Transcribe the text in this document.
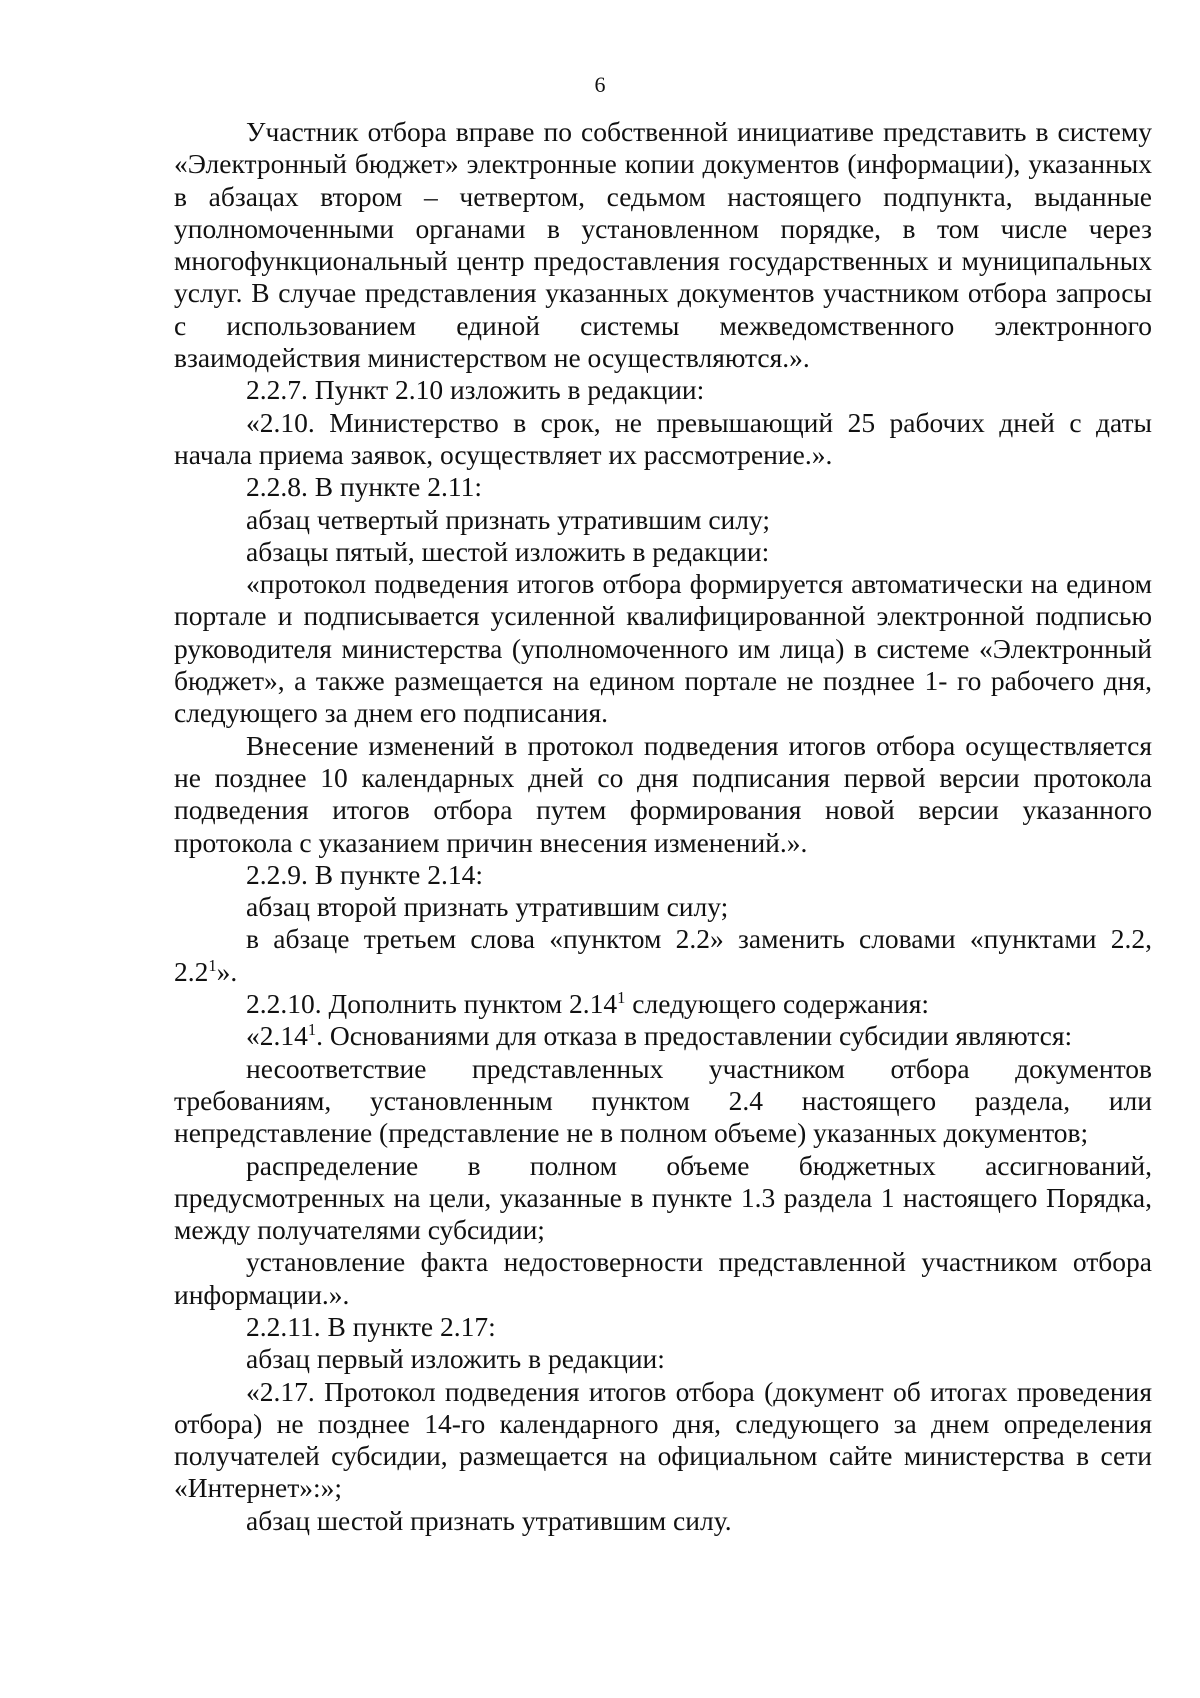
6

Участник отбора вправе по собственной инициативе представить в систему «Электронный бюджет» электронные копии документов (информации), указанных в абзацах втором – четвертом, седьмом настоящего подпункта, выданные уполномоченными органами в установленном порядке, в том числе через многофункциональный центр предоставления государственных и муниципальных услуг. В случае представления указанных документов участником отбора запросы с использованием единой системы межведомственного электронного взаимодействия министерством не осуществляются.».

2.2.7. Пункт 2.10 изложить в редакции:

«2.10. Министерство в срок, не превышающий 25 рабочих дней с даты начала приема заявок, осуществляет их рассмотрение.».

2.2.8. В пункте 2.11:

абзац четвертый признать утратившим силу;

абзацы пятый, шестой изложить в редакции:

«протокол подведения итогов отбора формируется автоматически на едином портале и подписывается усиленной квалифицированной электронной подписью руководителя министерства (уполномоченного им лица) в системе «Электронный бюджет», а также размещается на едином портале не позднее 1- го рабочего дня, следующего за днем его подписания.

Внесение изменений в протокол подведения итогов отбора осуществляется не позднее 10 календарных дней со дня подписания первой версии протокола подведения итогов отбора путем формирования новой версии указанного протокола с указанием причин внесения изменений.».

2.2.9. В пункте 2.14:

абзац второй признать утратившим силу;

в абзаце третьем слова «пунктом 2.2» заменить словами «пунктами 2.2, $2.2^1$».

2.2.10. Дополнить пунктом 2.14$^1$ следующего содержания:

«2.14$^1$. Основаниями для отказа в предоставлении субсидии являются:

несоответствие представленных участником отбора документов требованиям, установленным пунктом 2.4 настоящего раздела, или непредставление (представление не в полном объеме) указанных документов;

распределение в полном объеме бюджетных ассигнований, предусмотренных на цели, указанные в пункте 1.3 раздела 1 настоящего Порядка, между получателями субсидии;

установление факта недостоверности представленной участником отбора информации.».

2.2.11. В пункте 2.17:

абзац первый изложить в редакции:

«2.17. Протокол подведения итогов отбора (документ об итогах проведения отбора) не позднее 14-го календарного дня, следующего за днем определения получателей субсидии, размещается на официальном сайте министерства в сети «Интернет»:»;

абзац шестой признать утратившим силу.
